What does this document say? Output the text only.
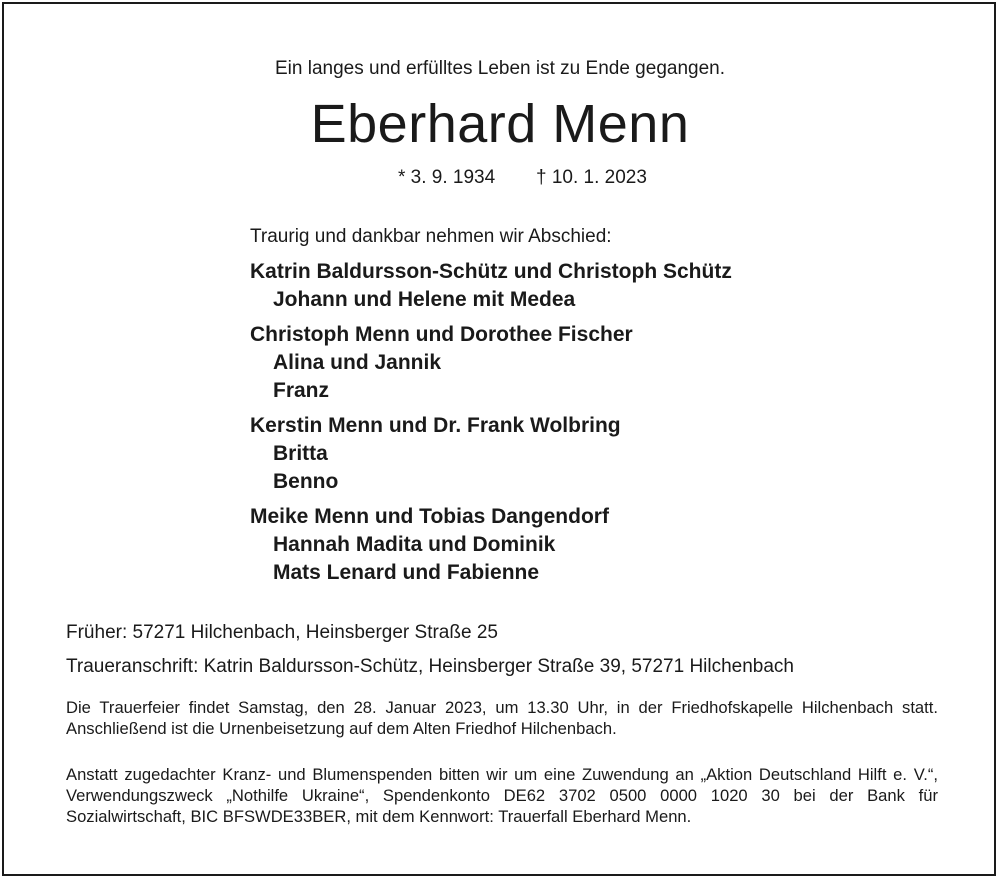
Ein langes und erfülltes Leben ist zu Ende gegangen.
Eberhard Menn
* 3. 9. 1934 † 10. 1. 2023
Traurig und dankbar nehmen wir Abschied:
Katrin Baldursson-Schütz und Christoph Schütz
Johann und Helene mit Medea
Christoph Menn und Dorothee Fischer
Alina und Jannik
Franz
Kerstin Menn und Dr. Frank Wolbring
Britta
Benno
Meike Menn und Tobias Dangendorf
Hannah Madita und Dominik
Mats Lenard und Fabienne
Früher: 57271 Hilchenbach, Heinsberger Straße 25
Traueranschrift: Katrin Baldursson-Schütz, Heinsberger Straße 39, 57271 Hilchenbach
Die Trauerfeier findet Samstag, den 28. Januar 2023, um 13.30 Uhr, in der Friedhofskapelle Hilchenbach statt. Anschließend ist die Urnenbeisetzung auf dem Alten Friedhof Hilchenbach.
Anstatt zugedachter Kranz- und Blumenspenden bitten wir um eine Zuwendung an „Aktion Deutschland Hilft e. V.“, Verwendungszweck „Nothilfe Ukraine“, Spendenkonto DE62 3702 0500 0000 1020 30 bei der Bank für Sozialwirtschaft, BIC BFSWDE33BER, mit dem Kennwort: Trauerfall Eberhard Menn.
